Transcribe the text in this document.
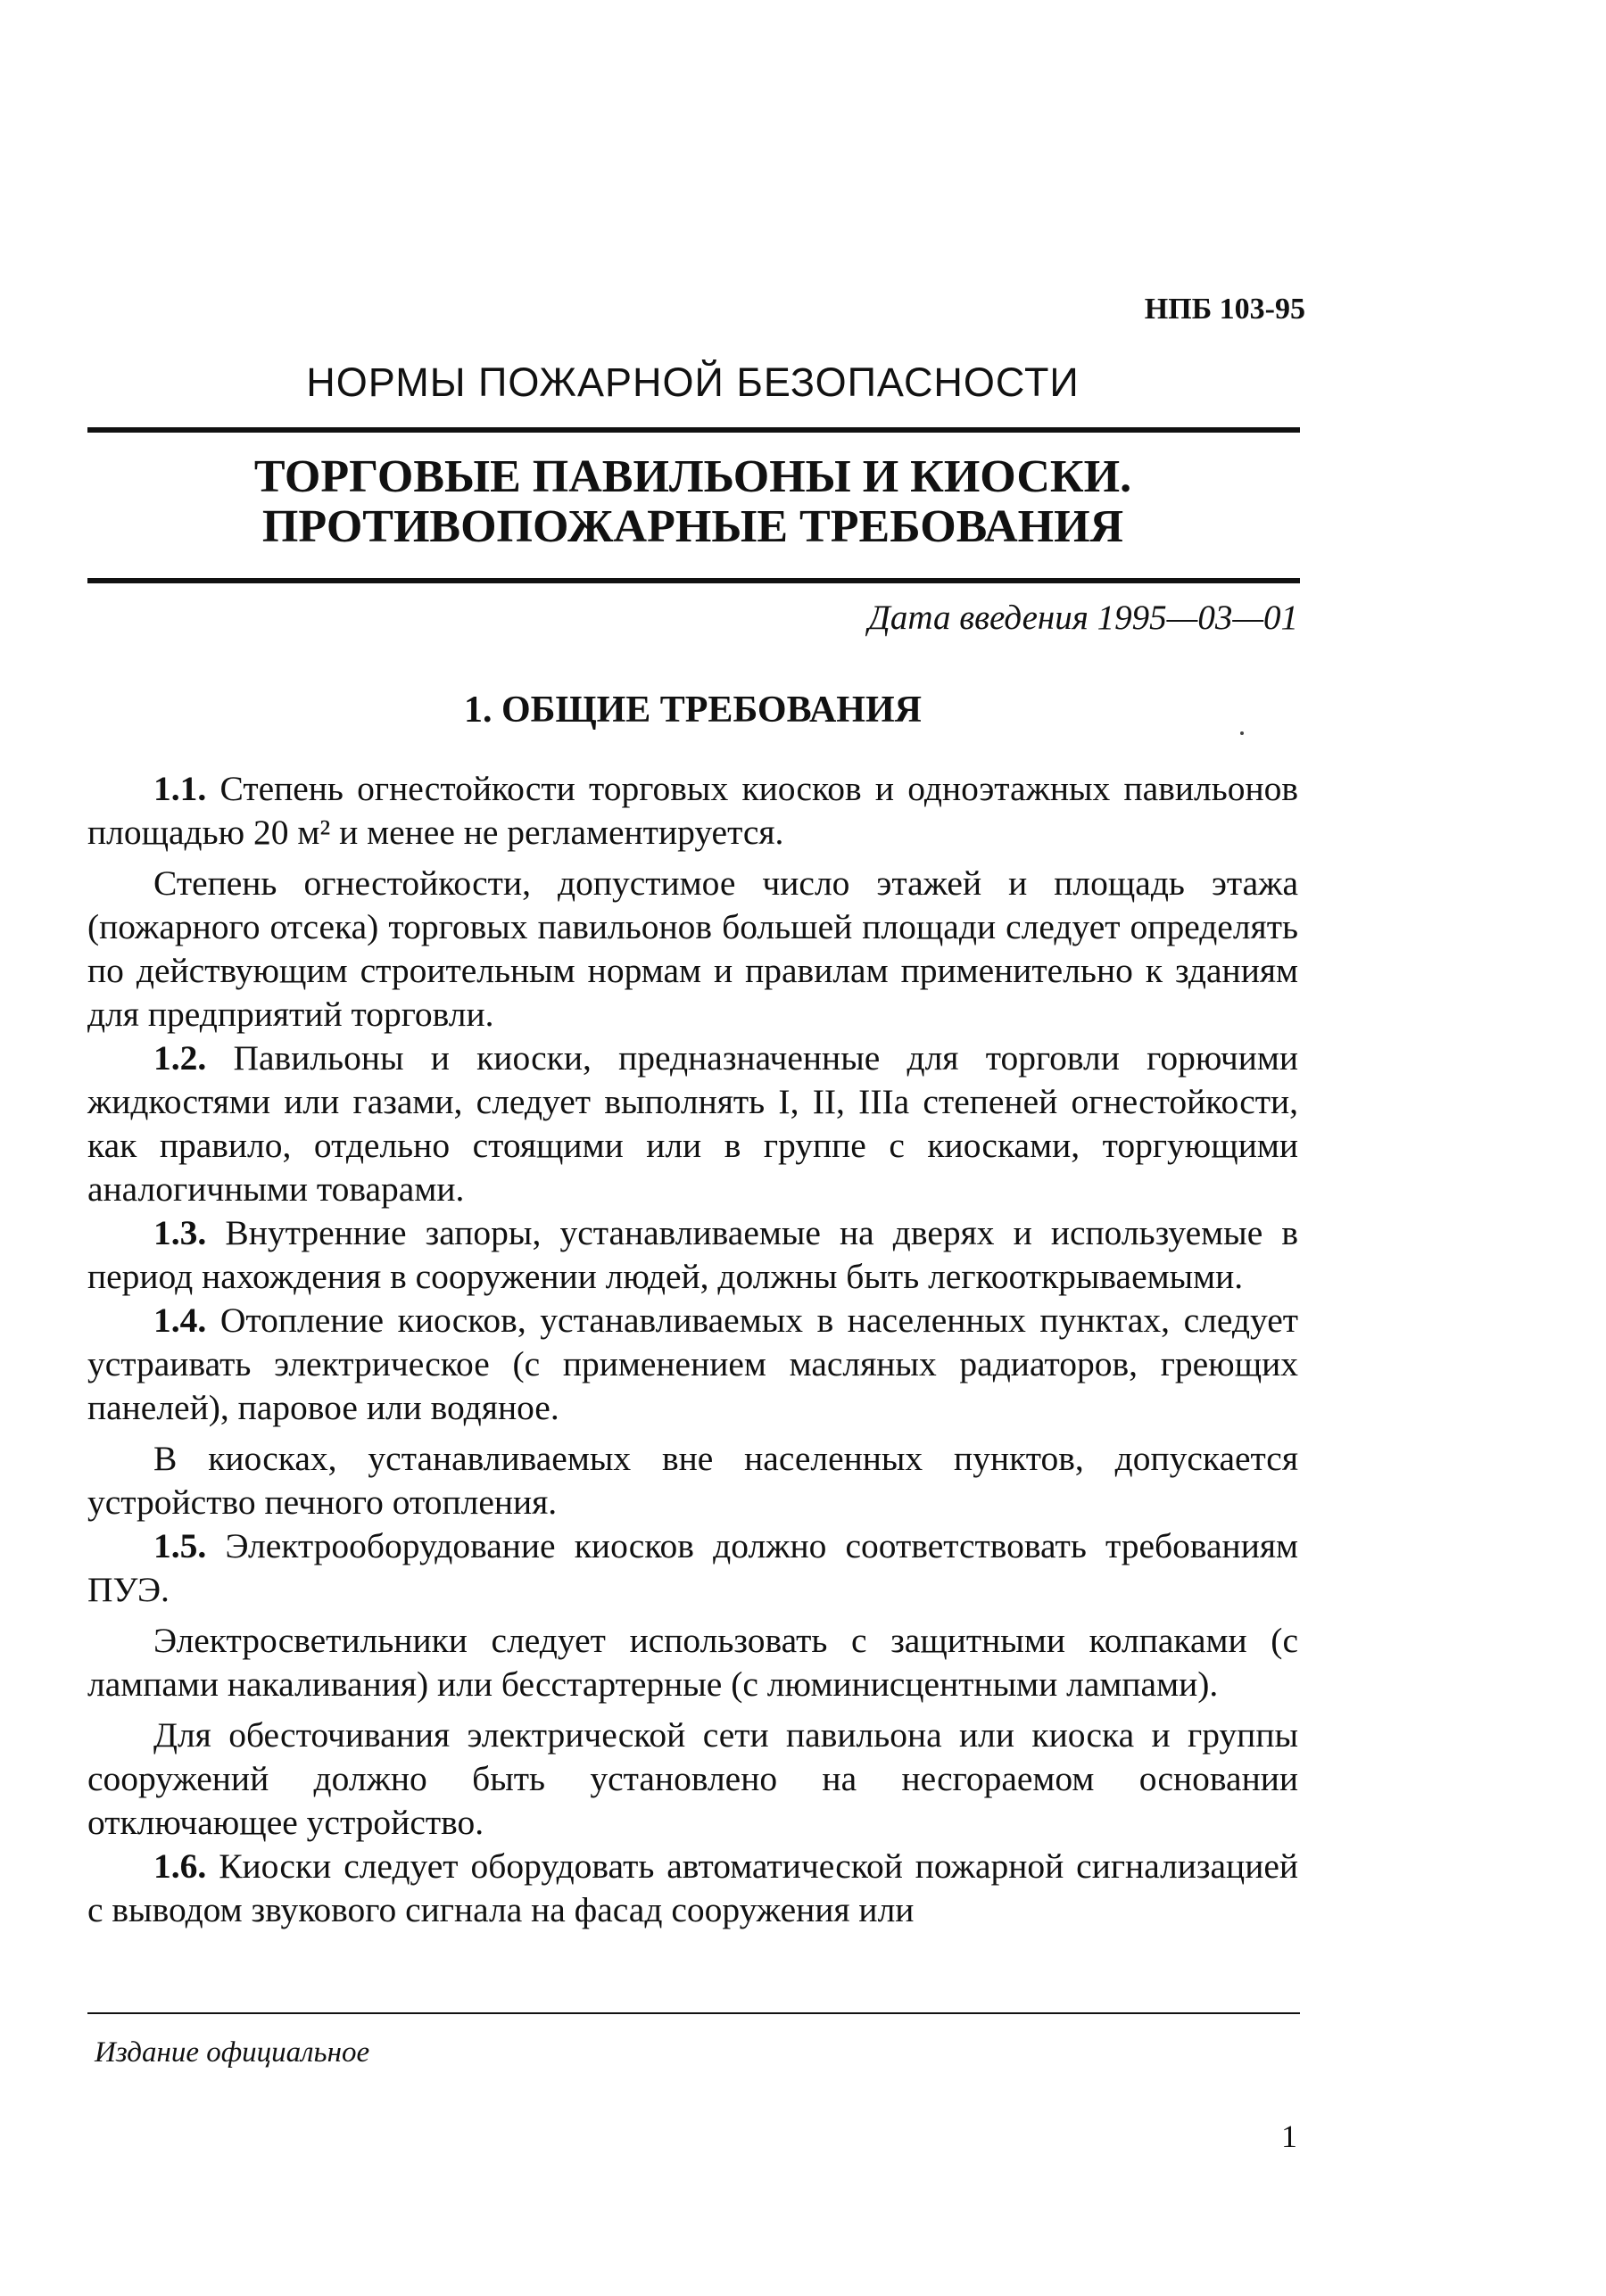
НПБ 103-95
НОРМЫ ПОЖАРНОЙ БЕЗОПАСНОСТИ
ТОРГОВЫЕ ПАВИЛЬОНЫ И КИОСКИ.
ПРОТИВОПОЖАРНЫЕ ТРЕБОВАНИЯ
Дата введения 1995—03—01
1. ОБЩИЕ ТРЕБОВАНИЯ

1.1. Степень огнестойкости торговых киосков и одноэтажных павильонов площадью 20 м² и менее не регламентируется.

Степень огнестойкости, допустимое число этажей и площадь этажа (пожарного отсека) торговых павильонов большей площади следует определять по действующим строительным нормам и правилам применительно к зданиям для предприятий торговли.

1.2. Павильоны и киоски, предназначенные для торговли горючими жидкостями или газами, следует выполнять I, II, IIIа степеней огнестойкости, как правило, отдельно стоящими или в группе с киосками, торгующими аналогичными товарами.

1.3. Внутренние запоры, устанавливаемые на дверях и используемые в период нахождения в сооружении людей, должны быть легкооткрываемыми.

1.4. Отопление киосков, устанавливаемых в населенных пунктах, следует устраивать электрическое (с применением масляных радиаторов, греющих панелей), паровое или водяное.

В киосках, устанавливаемых вне населенных пунктов, допускается устройство печного отопления.

1.5. Электрооборудование киосков должно соответствовать требованиям ПУЭ.

Электросветильники следует использовать с защитными колпаками (с лампами накаливания) или бесстартерные (с люминисцентными лампами).

Для обесточивания электрической сети павильона или киоска и группы сооружений должно быть установлено на несгораемом основании отключающее устройство.

1.6. Киоски следует оборудовать автоматической пожарной сигнализацией с выводом звукового сигнала на фасад сооружения или

Издание официальное
1
